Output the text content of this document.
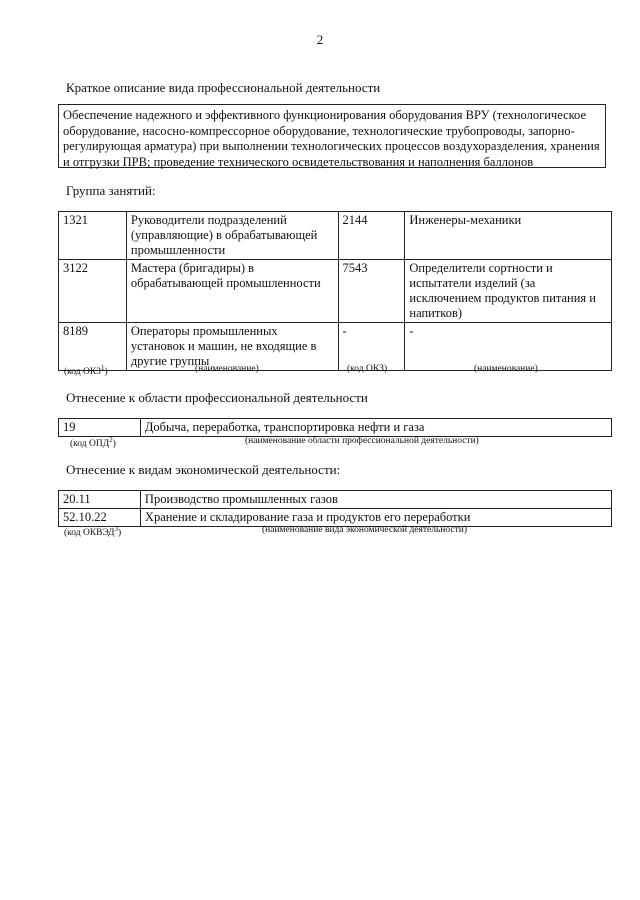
2
Краткое описание вида профессиональной деятельности
Обеспечение надежного и эффективного функционирования оборудования ВРУ (технологическое оборудование, насосно-компрессорное оборудование, технологические трубопроводы, запорно-регулирующая арматура) при выполнении технологических процессов воздухоразделения, хранения и отгрузки ПРВ; проведение технического освидетельствования и наполнения баллонов
Группа занятий:
1321	Руководители подразделений (управляющие) в обрабатывающей промышленности	2144	Инженеры-механики
3122	Мастера (бригадиры) в обрабатывающей промышленности	7543	Определители сортности и испытатели изделий (за исключением продуктов питания и напитков)
8189	Операторы промышленных установок и машин, не входящие в другие группы	-	-
(код ОКЗ$^1$)	(наименование)	(код ОКЗ)	(наименование)
Отнесение к области профессиональной деятельности
19	Добыча, переработка, транспортировка нефти и газа
(код ОПД$^2$)	(наименование области профессиональной деятельности)
Отнесение к видам экономической деятельности:
20.11	Производство промышленных газов
52.10.22	Хранение и складирование газа и продуктов его переработки
(код ОКВЭД$^3$)	(наименование вида экономической деятельности)
